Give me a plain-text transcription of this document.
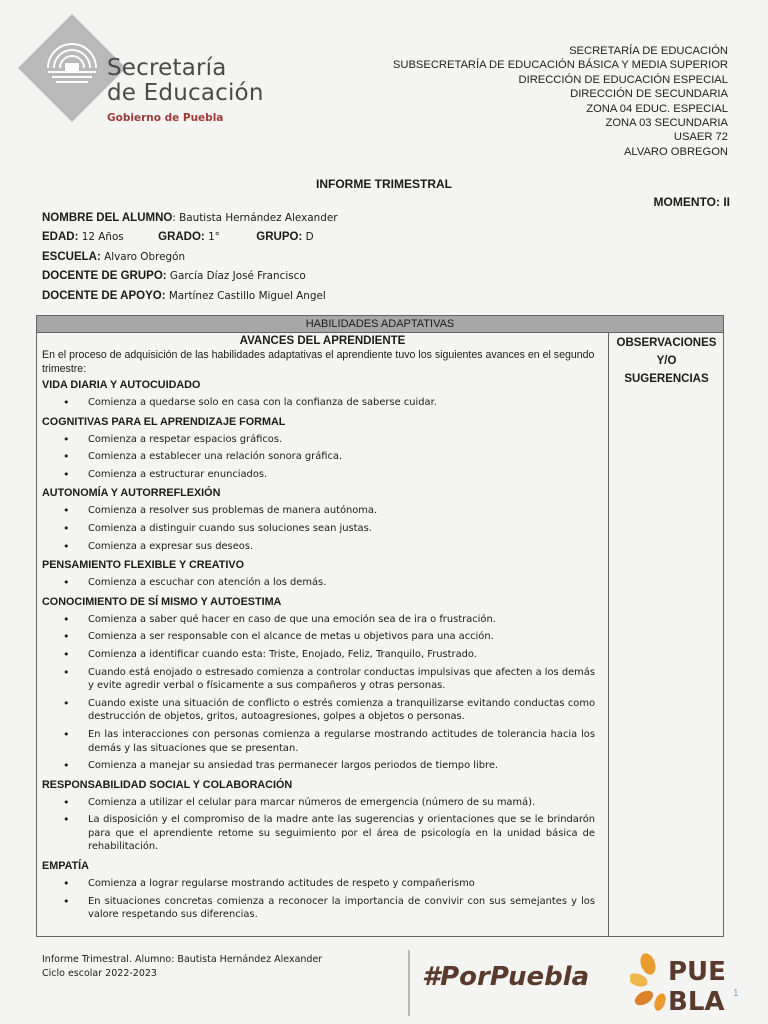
Secretaría
de Educación
Gobierno de Puebla
SECRETARÍA DE EDUCACIÓN
SUBSECRETARÍA DE EDUCACIÓN BÁSICA Y MEDIA SUPERIOR
DIRECCIÓN DE EDUCACIÓN ESPECIAL
DIRECCIÓN DE SECUNDARIA
ZONA 04 EDUC. ESPECIAL
ZONA 03 SECUNDARIA
USAER 72
ALVARO OBREGON
INFORME TRIMESTRAL
MOMENTO: II
NOMBRE DEL ALUMNO: Bautista Hernández Alexander
EDAD: 12 Años	GRADO: 1°	GRUPO: D
ESCUELA: Alvaro Obregón
DOCENTE DE GRUPO: García Díaz José Francisco
DOCENTE DE APOYO: Martínez Castillo Miguel Angel
HABILIDADES ADAPTATIVAS
AVANCES DEL APRENDIENTE
En el proceso de adquisición de las habilidades adaptativas el aprendiente tuvo los siguientes avances en el segundo trimestre:
VIDA DIARIA Y AUTOCUIDADO
• Comienza a quedarse solo en casa con la confianza de saberse cuidar.
COGNITIVAS PARA EL APRENDIZAJE FORMAL
• Comienza a respetar espacios gráficos.
• Comienza a establecer una relación sonora gráfica.
• Comienza a estructurar enunciados.
AUTONOMÍA Y AUTORREFLEXIÓN
• Comienza a resolver sus problemas de manera autónoma.
• Comienza a distinguir cuando sus soluciones sean justas.
• Comienza a expresar sus deseos.
PENSAMIENTO FLEXIBLE Y CREATIVO
• Comienza a escuchar con atención a los demás.
CONOCIMIENTO DE SÍ MISMO Y AUTOESTIMA
• Comienza a saber qué hacer en caso de que una emoción sea de ira o frustración.
• Comienza a ser responsable con el alcance de metas u objetivos para una acción.
• Comienza a identificar cuando esta: Triste, Enojado, Feliz, Tranquilo, Frustrado.
• Cuando está enojado o estresado comienza a controlar conductas impulsivas que afecten a los demás y evite agredir verbal o físicamente a sus compañeros y otras personas.
• Cuando existe una situación de conflicto o estrés comienza a tranquilizarse evitando conductas como destrucción de objetos, gritos, autoagresiones, golpes a objetos o personas.
• En las interacciones con personas comienza a regularse mostrando actitudes de tolerancia hacia los demás y las situaciones que se presentan.
• Comienza a manejar su ansiedad tras permanecer largos periodos de tiempo libre.
RESPONSABILIDAD SOCIAL Y COLABORACIÓN
• Comienza a utilizar el celular para marcar números de emergencia (número de su mamá).
• La disposición y el compromiso de la madre ante las sugerencias y orientaciones que se le brindarón para que el aprendiente retome su seguimiento por el área de psicología en la unidad básica de rehabilitación.
EMPATÍA
• Comienza a lograr regularse mostrando actitudes de respeto y compañerismo
• En situaciones concretas comienza a reconocer la importancia de convivir con sus semejantes y los valore respetando sus diferencias.
OBSERVACIONES
Y/O
SUGERENCIAS
Informe Trimestral. Alumno: Bautista Hernández Alexander
Ciclo escolar 2022-2023	#PorPuebla	PUE
BLA 1
